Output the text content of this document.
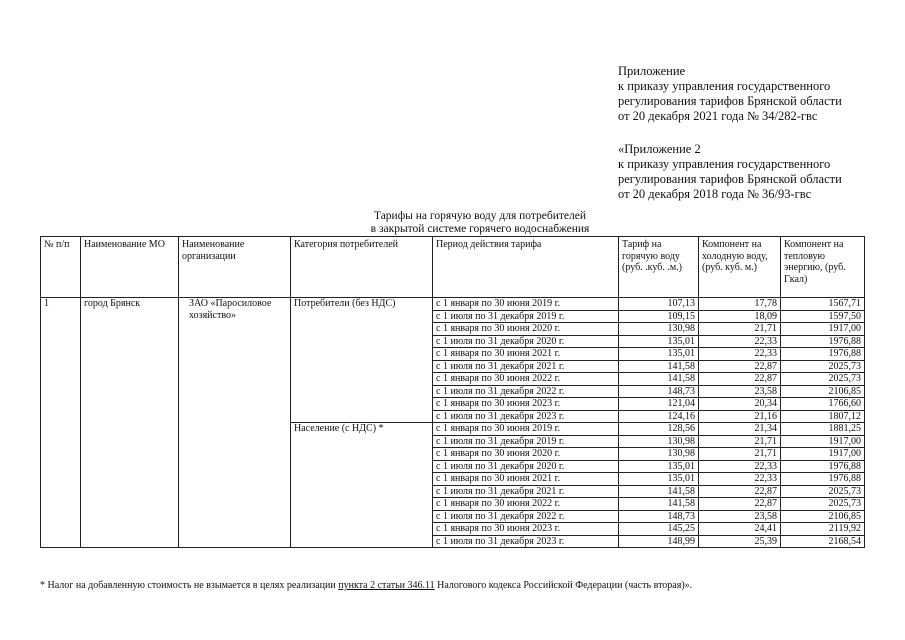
Приложение
к приказу управления государственного
регулирования тарифов Брянской области
от 20 декабря 2021 года № 34/282-гвс
«Приложение 2
к приказу управления государственного
регулирования тарифов Брянской области
от 20 декабря 2018 года № 36/93-гвс
Тарифы на горячую воду для потребителей
в закрытой системе горячего водоснабжения
№ п/п	Наименование МО	Наименование организации	Категория потребителей	Период действия тарифа	Тариф на горячую воду (руб. .куб. .м.)	Компонент на холодную воду, (руб. куб. м.)	Компонент на тепловую энергию, (руб. Гкал)
1	город Брянск	ЗАО «Паросиловое хозяйство»	Потребители (без НДС)	с 1 января по 30 июня 2019 г.	107,13	17,78	1567,71
				с 1 июля по 31 декабря 2019 г.	109,15	18,09	1597,50
				с 1 января по 30 июня 2020 г.	130,98	21,71	1917,00
				с 1 июля по 31 декабря 2020 г.	135,01	22,33	1976,88
				с 1 января по 30 июня 2021 г.	135,01	22,33	1976,88
				с 1 июля по 31 декабря 2021 г.	141,58	22,87	2025,73
				с 1 января по 30 июня 2022 г.	141,58	22,87	2025,73
				с 1 июля по 31 декабря 2022 г.	148,73	23,58	2106,85
				с 1 января по 30 июня 2023 г.	121,04	20,34	1766,60
				с 1 июля по 31 декабря 2023 г.	124,16	21,16	1807,12
			Население (с НДС) *	с 1 января по 30 июня 2019 г.	128,56	21,34	1881,25
				с 1 июля по 31 декабря 2019 г.	130,98	21,71	1917,00
				с 1 января по 30 июня 2020 г.	130,98	21,71	1917,00
				с 1 июля по 31 декабря 2020 г.	135,01	22,33	1976,88
				с 1 января по 30 июня 2021 г.	135,01	22,33	1976,88
				с 1 июля по 31 декабря 2021 г.	141,58	22,87	2025,73
				с 1 января по 30 июня 2022 г.	141,58	22,87	2025,73
				с 1 июля по 31 декабря 2022 г.	148,73	23,58	2106,85
				с 1 января по 30 июня 2023 г.	145,25	24,41	2119,92
				с 1 июля по 31 декабря 2023 г.	148,99	25,39	2168,54
* Налог на добавленную стоимость не взымается в целях реализации пункта 2 статьи 346.11 Налогового кодекса Российской Федерации (часть вторая)».
